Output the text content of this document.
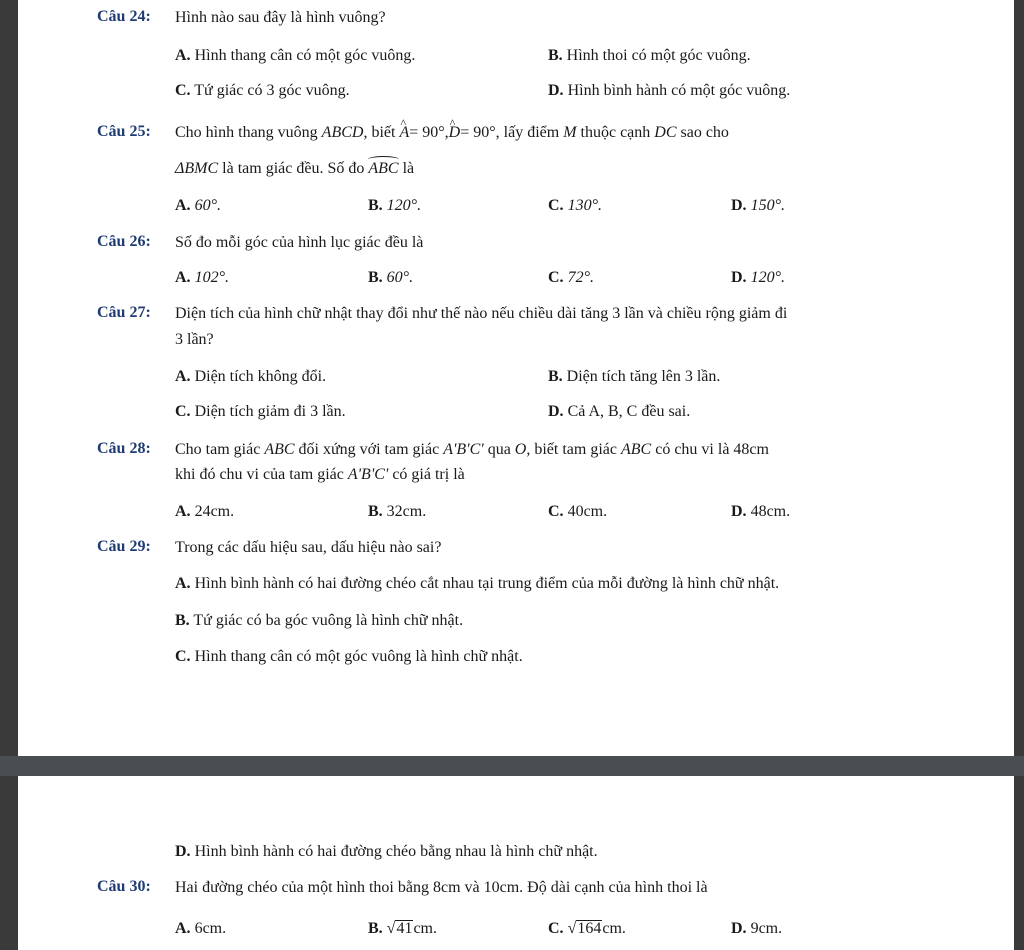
Câu 24: Hình nào sau đây là hình vuông?
A. Hình thang cân có một góc vuông.	B. Hình thoi có một góc vuông.
C. Tứ giác có 3 góc vuông.	D. Hình bình hành có một góc vuông.
Câu 25: Cho hình thang vuông ABCD, biết ^ A= 90°,^ D= 90°, lấy điểm M thuộc cạnh DC sao cho
ΔBMC là tam giác đều. Số đo ABC là
A. 60°.	B. 120°.	C. 130°.	D. 150°.
Câu 26: Số đo mỗi góc của hình lục giác đều là
A. 102°.	B. 60°.	C. 72°.	D. 120°.
Câu 27: Diện tích của hình chữ nhật thay đổi như thế nào nếu chiều dài tăng 3 lần và chiều rộng giảm đi
3 lần?
A. Diện tích không đổi.	B. Diện tích tăng lên 3 lần.
C. Diện tích giảm đi 3 lần.	D. Cả A, B, C đều sai.
Câu 28: Cho tam giác ABC đối xứng với tam giác A'B'C' qua O, biết tam giác ABC có chu vi là 48cm
khi đó chu vi của tam giác A'B'C' có giá trị là
A. 24cm.	B. 32cm.	C. 40cm.	D. 48cm.
Câu 29: Trong các dấu hiệu sau, dấu hiệu nào sai?
A. Hình bình hành có hai đường chéo cắt nhau tại trung điểm của mỗi đường là hình chữ nhật.
B. Tứ giác có ba góc vuông là hình chữ nhật.
C. Hình thang cân có một góc vuông là hình chữ nhật.
D. Hình bình hành có hai đường chéo bằng nhau là hình chữ nhật.
Câu 30: Hai đường chéo của một hình thoi bằng 8cm và 10cm. Độ dài cạnh của hình thoi là
A. 6cm.	B. √41cm.	C. √164cm.	D. 9cm.
